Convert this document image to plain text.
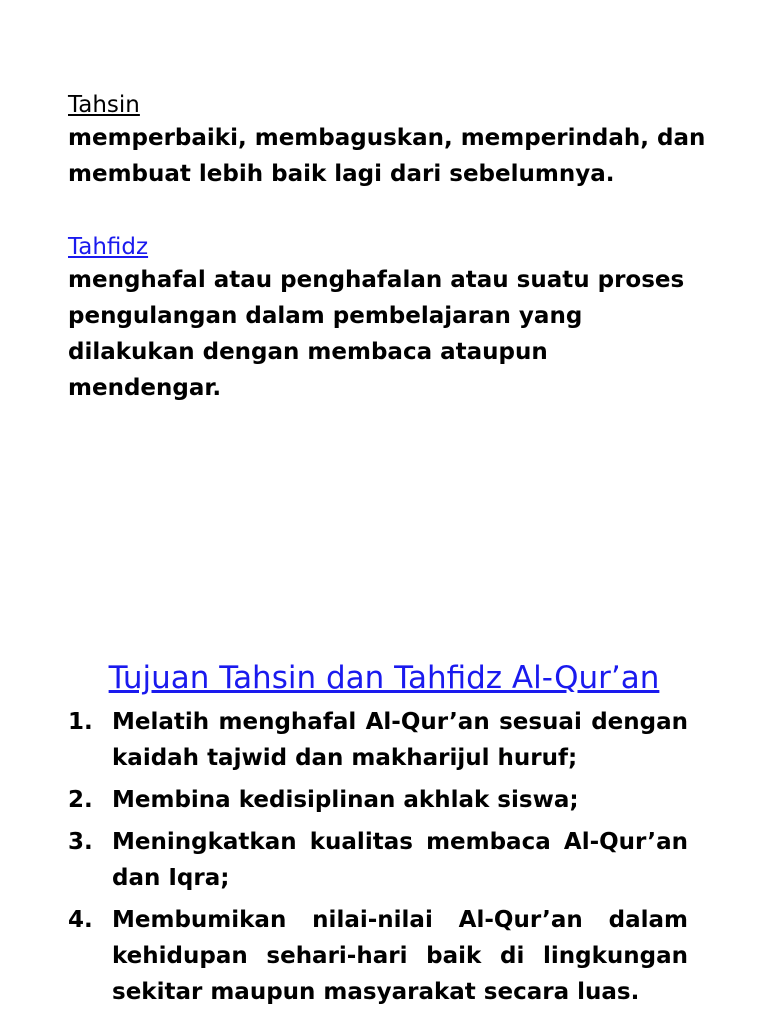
Tahsin

memperbaiki, membaguskan, memperindah, dan membuat lebih baik lagi dari sebelumnya.

Tahfidz

menghafal atau penghafalan atau suatu proses pengulangan dalam pembelajaran yang dilakukan dengan membaca ataupun mendengar.

Tujuan Tahsin dan Tahfidz Al-Qur’an
1. Melatih menghafal Al-Qur’an sesuai dengan kaidah tajwid dan makharijul huruf;
2. Membina kedisiplinan akhlak siswa;
3. Meningkatkan kualitas membaca Al-Qur’an dan Iqra;
4. Membumikan nilai-nilai Al-Qur’an dalam kehidupan sehari-hari baik di lingkungan sekitar maupun masyarakat secara luas.
